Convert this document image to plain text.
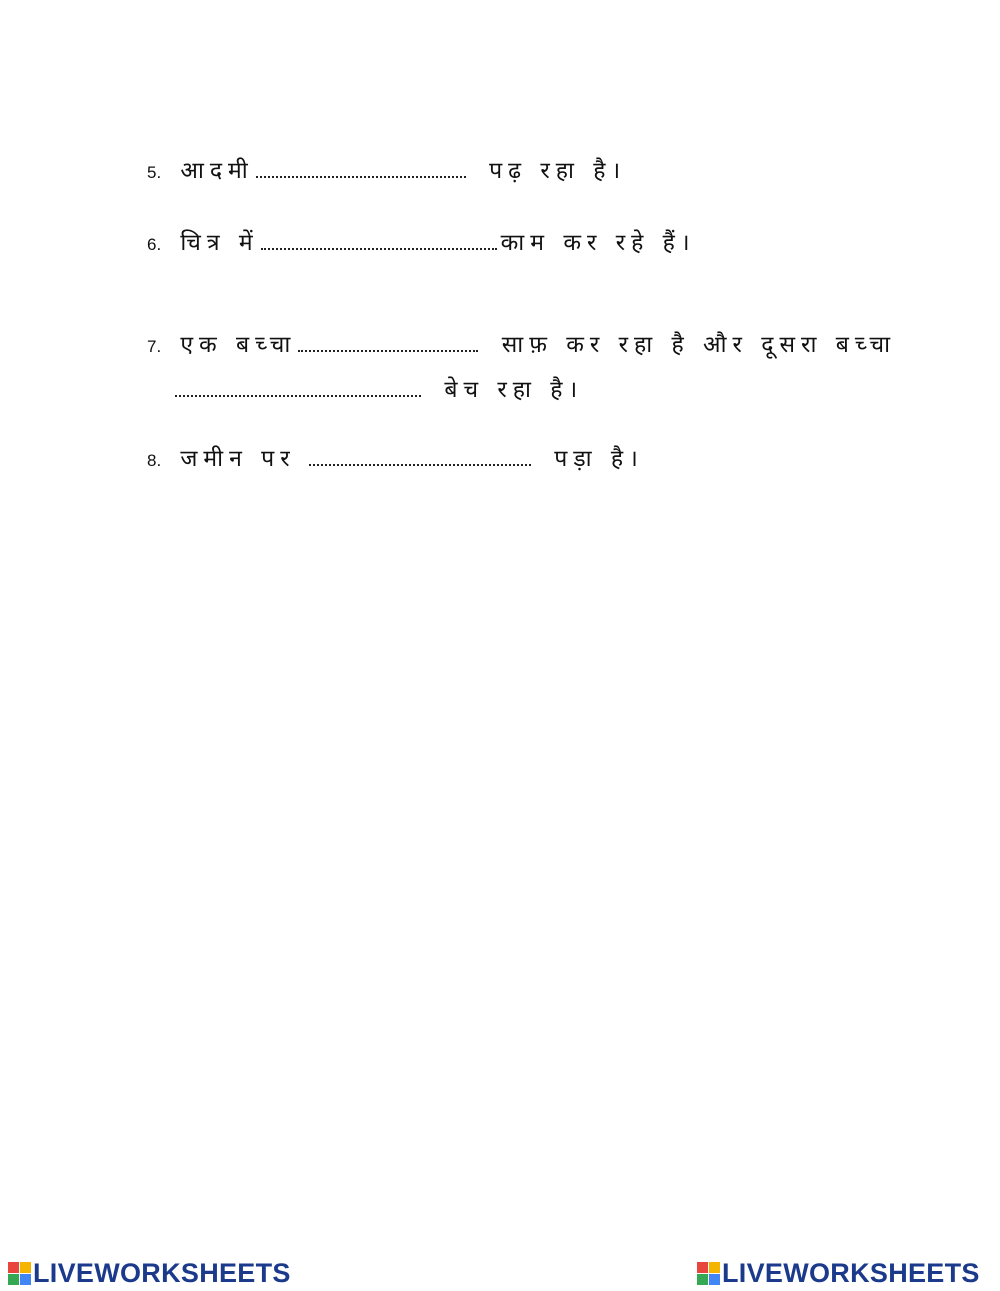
5. आदमी	पढ़ रहा है।
6. चित्र में	काम कर रहे हैं।
7. एक बच्चा	साफ़ कर रहा है और दूसरा बच्चा
बेच रहा है।
8. जमीन पर	पड़ा है।
LIVEWORKSHEETS	LIVEWORKSHEETS
